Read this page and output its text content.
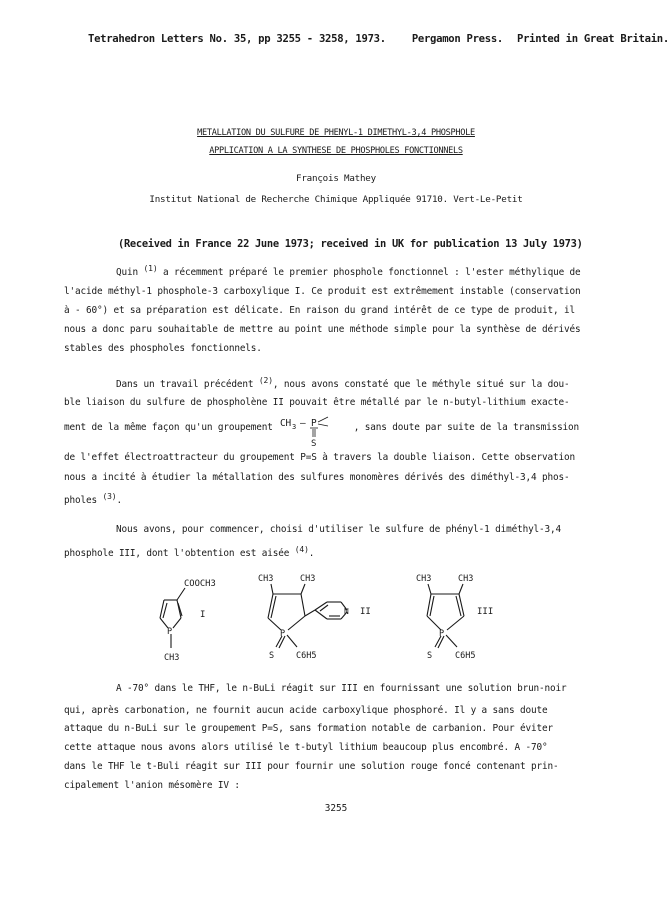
Tetrahedron Letters No. 35, pp 3255 - 3258, 1973. Pergamon Press. Printed in Great Britain.
METALLATION DU SULFURE DE PHENYL-1 DIMETHYL-3,4 PHOSPHOLE
APPLICATION A LA SYNTHESE DE PHOSPHOLES FONCTIONNELS
François Mathey
Institut National de Recherche Chimique Appliquée 91710. Vert-Le-Petit
(Received in France 22 June 1973; received in UK for publication 13 July 1973)
Quin $^{(1)}$ a récemment préparé le premier phosphole fonctionnel : l'ester méthylique de
l'acide méthyl-1 phosphole-3 carboxylique I. Ce produit est extrêmement instable (conservation
à - 60°) et sa préparation est délicate. En raison du grand intérêt de ce type de produit, il
nous a donc paru souhaitable de mettre au point une méthode simple pour la synthèse de dérivés
stables des phospholes fonctionnels.
Dans un travail précédent $^{(2)}$, nous avons constaté que le méthyle situé sur la dou-
ble liaison du sulfure de phospholène II pouvait être métallé par le n-butyl-lithium exacte-
ment de la même façon qu'un groupement CH 3 – P
S
, sans doute par suite de la transmission
de l'effet électroattracteur du groupement P=S à travers la double liaison. Cette observation
nous a incité à étudier la métallation des sulfures monomères dérivés des diméthyl-3,4 phos-
pholes $^{(3)}$.
Nous avons, pour commencer, choisi d'utiliser le sulfure de phényl-1 diméthyl-3,4
phosphole III, dont l'obtention est aisée $^{(4)}$.
COOCH3
I
P
CH3
CH3	CH3
N II
P
S	C6H5
CH3	CH3
III
P
S	C6H5
A -70° dans le THF, le n-BuLi réagit sur III en fournissant une solution brun-noir
qui, après carbonation, ne fournit aucun acide carboxylique phosphoré. Il y a sans doute
attaque du n-BuLi sur le groupement P=S, sans formation notable de carbanion. Pour éviter
cette attaque nous avons alors utilisé le t-butyl lithium beaucoup plus encombré. A -70°
dans le THF le t-Buli réagit sur III pour fournir une solution rouge foncé contenant prin-
cipalement l'anion mésomère IV :
3255
